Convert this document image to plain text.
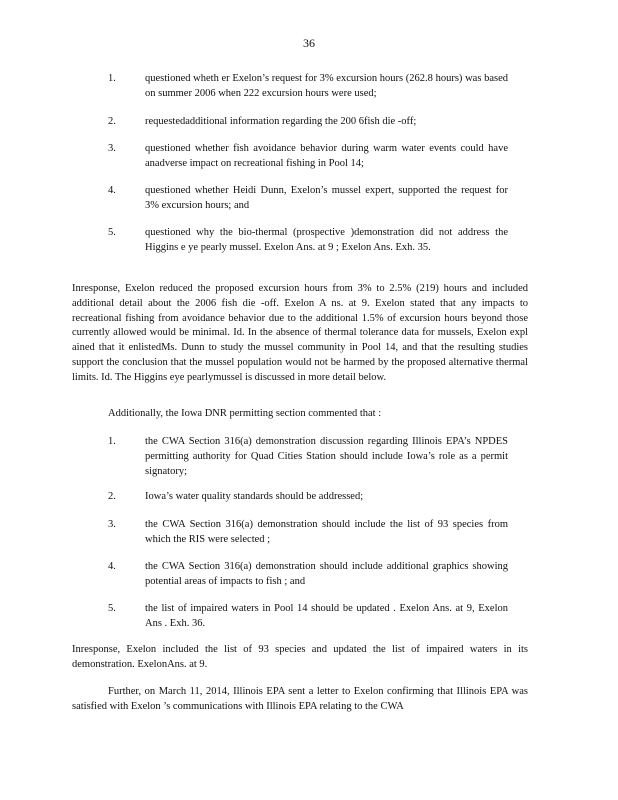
36
1.	questioned wheth er Exelon’s request for 3% excursion hours (262.8 hours) was based on summer 2006 when 222 excursion hours were used;
2.	requestedadditional information regarding the 200 6fish die -off;
3.	questioned whether fish avoidance behavior during warm water events could have anadverse impact on recreational fishing in Pool 14;
4.	questioned whether Heidi Dunn, Exelon’s mussel expert, supported the request for 3% excursion hours; and
5.	questioned why the bio-thermal (prospective )demonstration did not address the Higgins e ye pearly mussel. Exelon Ans. at 9 ; Exelon Ans. Exh. 35.
Inresponse, Exelon reduced the proposed excursion hours from 3% to 2.5% (219) hours and included additional detail about the 2006 fish die -off. Exelon A ns. at 9. Exelon stated that any impacts to recreational fishing from avoidance behavior due to the additional 1.5% of excursion hours beyond those currently allowed would be minimal. Id. In the absence of thermal tolerance data for mussels, Exelon expl ained that it enlistedMs. Dunn to study the mussel community in Pool 14, and that the resulting studies support the conclusion that the mussel population would not be harmed by the proposed alternative thermal limits. Id. The Higgins eye pearlymussel is discussed in more detail below.
Additionally, the Iowa DNR permitting section commented that :
1.	the CWA Section 316(a) demonstration discussion regarding Illinois EPA’s NPDES permitting authority for Quad Cities Station should include Iowa’s role as a permit signatory;
2.	Iowa’s water quality standards should be addressed;
3.	the CWA Section 316(a) demonstration should include the list of 93 species from which the RIS were selected ;
4.	the CWA Section 316(a) demonstration should include additional graphics showing potential areas of impacts to fish ; and
5.	the list of impaired waters in Pool 14 should be updated . Exelon Ans. at 9, Exelon Ans . Exh. 36.
Inresponse, Exelon included the list of 93 species and updated the list of impaired waters in its demonstration. ExelonAns. at 9.
Further, on March 11, 2014, Illinois EPA sent a letter to Exelon confirming that Illinois EPA was satisfied with Exelon ’s communications with Illinois EPA relating to the CWA
